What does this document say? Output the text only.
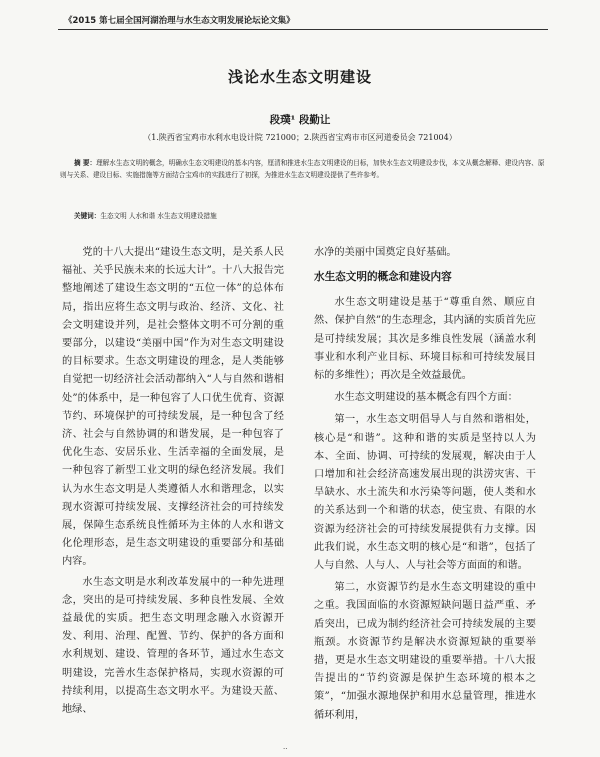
《2015 第七届全国河湖治理与水生态文明发展论坛论文集》
浅论水生态文明建设
段璞¹ 段勤让
（1.陕西省宝鸡市水利水电设计院 721000；2.陕西省宝鸡市市区河道委员会 721004）
摘 要：理解水生态文明的概念，明确水生态文明建设的基本内容，厘清和推进水生态文明建设的目标，加快水生态文明建设步伐，本文从概念解释、建设内容、原则与关系、建设目标、实施措施等方面结合宝鸡市的实践进行了初探，为推进水生态文明建设提供了些许参考。
关键词：生态文明 人水和谐 水生态文明建设措施

党的十八大提出“建设生态文明，是关系人民福祉、关乎民族未来的长远大计”。十八大报告完整地阐述了建设生态文明的“五位一体”的总体布局，指出应将生态文明与政治、经济、文化、社会文明建设并列，是社会整体文明不可分割的重要部分，以建设“美丽中国”作为对生态文明建设的目标要求。生态文明建设的理念，是人类能够自觉把一切经济社会活动都纳入“人与自然和谐相处”的体系中，是一种包容了人口优生优育、资源节约、环境保护的可持续发展，是一种包含了经济、社会与自然协调的和谐发展，是一种包容了优化生态、安居乐业、生活幸福的全面发展，是一种包容了新型工业文明的绿色经济发展。我们认为水生态文明是人类遵循人水和谐理念，以实现水资源可持续发展、支撑经济社会的可持续发展，保障生态系统良性循环为主体的人水和谐文化伦理形态，是生态文明建设的重要部分和基础内容。

水生态文明是水利改革发展中的一种先进理念，突出的是可持续发展、多种良性发展、全效益最优的实质。把生态文明理念融入水资源开发、利用、治理、配置、节约、保护的各方面和水利规划、建设、管理的各环节，通过水生态文明建设，完善水生态保护格局，实现水资源的可持续利用，以提高生态文明水平。为建设天蓝、地绿、

水净的美丽中国奠定良好基础。

水生态文明的概念和建设内容

水生态文明建设是基于“尊重自然、顺应自然、保护自然”的生态理念，其内涵的实质首先应是可持续发展；其次是多维良性发展（涵盖水利事业和水利产业目标、环境目标和可持续发展目标的多维性）；再次是全效益最优。

水生态文明建设的基本概念有四个方面：

第一，水生态文明倡导人与自然和谐相处，核心是“和谐”。这种和谐的实质是坚持以人为本、全面、协调、可持续的发展观，解决由于人口增加和社会经济高速发展出现的洪涝灾害、干旱缺水、水土流失和水污染等问题，使人类和水的关系达到一个和谐的状态，使宝贵、有限的水资源为经济社会的可持续发展提供有力支撑。因此我们说，水生态文明的核心是“和谐”，包括了人与自然、人与人、人与社会等方面面的和谐。

第二，水资源节约是水生态文明建设的重中之重。我国面临的水资源短缺问题日益严重、矛盾突出，已成为制约经济社会可持续发展的主要瓶颈。水资源节约是解决水资源短缺的重要举措，更是水生态文明建设的重要举措。十八大报告提出的“节约资源是保护生态环境的根本之策”，“加强水源地保护和用水总量管理，推进水循环利用，

··
